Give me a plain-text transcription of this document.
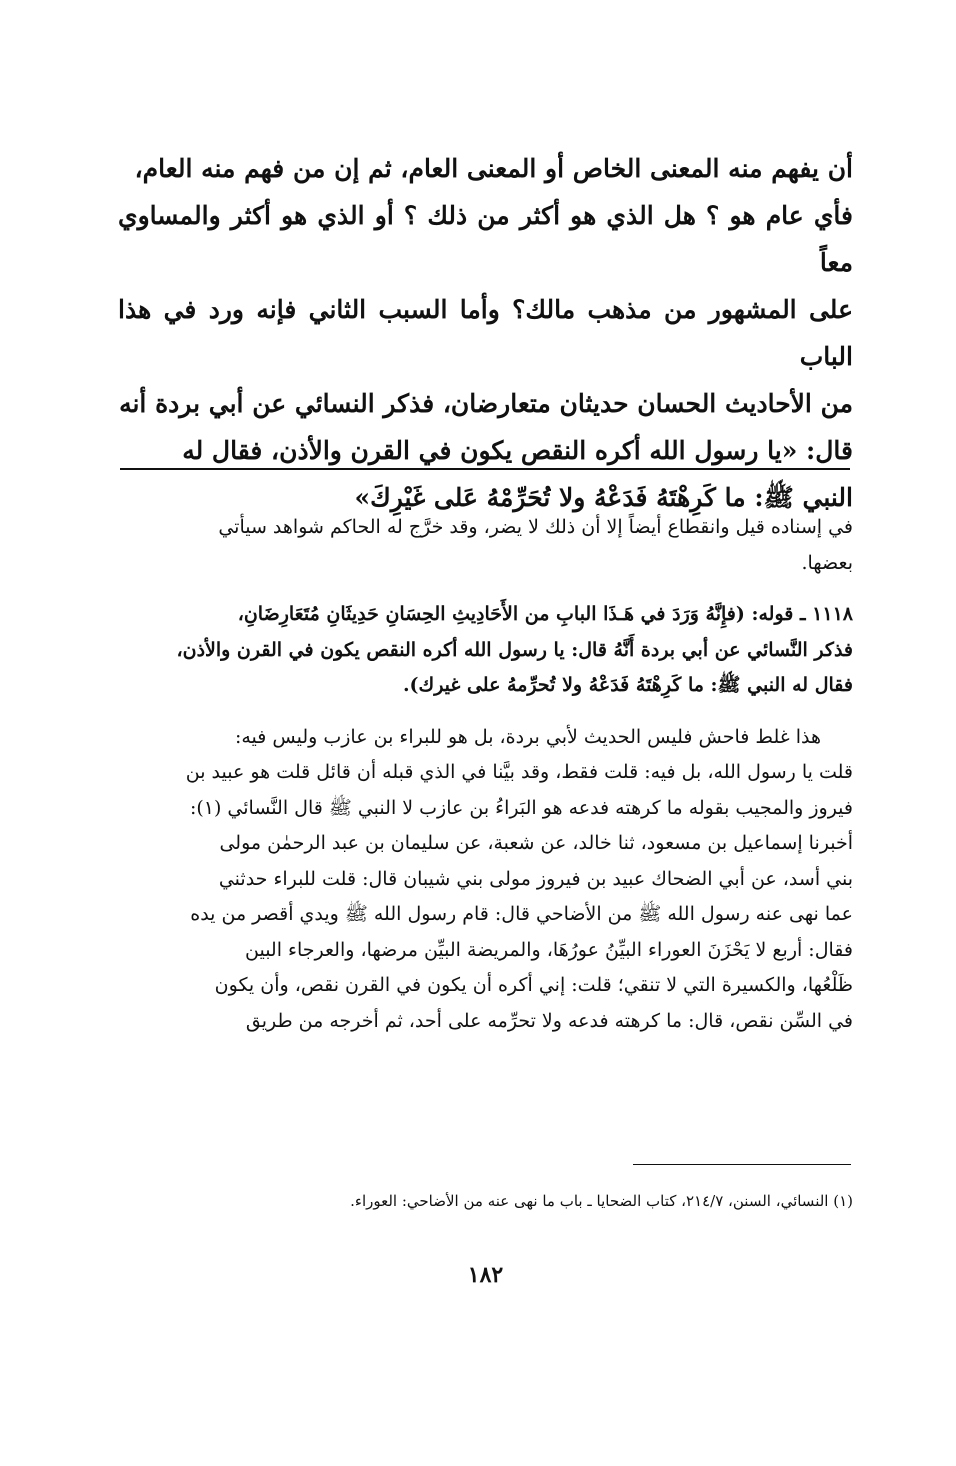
أن يفهم منه المعنى الخاص أو المعنى العام، ثم إن من فهم منه العام،

فأي عام هو ؟ هل الذي هو أكثر من ذلك ؟ أو الذي هو أكثر والمساوي معاً

على المشهور من مذهب مالك؟ وأما السبب الثاني فإنه ورد في هذا الباب

من الأحاديث الحسان حديثان متعارضان، فذكر النسائي عن أبي بردة أنه

قال: «يا رسول الله أكره النقص يكون في القرن والأذن، فقال له

النبي ﷺ: ما كَرِهْتَهُ فَدَعْهُ ولا تُحَرِّمْهُ عَلى غَيْرِكَ»

في إسناده قيل وانقطاع أيضاً إلا أن ذلك لا يضر، وقد خرَّج له الحاكم شواهد سيأتي

بعضها.

١١١٨ ـ قوله: (فإِنَّهُ وَرَدَ في هَـذَا البابِ من الأَحَادِيثِ الحِسَانِ حَدِيثَانِ مُتَعَارِضَانِ،

فذكر النَّسائي عن أبي بردة أَنَّهُ قال: يا رسول الله أكره النقص يكون في القرن والأذن،

فقال له النبي ﷺ: ما كَرِهْتَهُ فَدَعْهُ ولا تُحرِّمهُ على غيرك).

هذا غلط فاحش فليس الحديث لأبي بردة، بل هو للبراء بن عازب وليس فيه:

قلت يا رسول الله، بل فيه: قلت فقط، وقد بيَّنا في الذي قبله أن قائل قلت هو عبيد بن

فيروز والمجيب بقوله ما كرهته فدعه هو البَراءُ بن عازب لا النبي ﷺ قال النَّسائي (١):

أخبرنا إسماعيل بن مسعود، ثنا خالد، عن شعبة، عن سليمان بن عبد الرحمٰن مولى

بني أسد، عن أبي الضحاك عبيد بن فيروز مولى بني شيبان قال: قلت للبراء حدثني

عما نهى عنه رسول الله ﷺ من الأضاحي قال: قام رسول الله ﷺ ويدي أقصر من يده

فقال: أربع لا يَحْزَنَ العوراء البيِّنُ عورُهَا، والمريضة البيِّن مرضها، والعرجاء البين

ظَلْعُها، والكسيرة التي لا تنقي؛ قلت: إني أكره أن يكون في القرن نقص، وأن يكون

في السِّن نقص، قال: ما كرهته فدعه ولا تحرِّمه على أحد، ثم أخرجه من طريق

(١) النسائي، السنن، ٢١٤/٧، كتاب الضحايا ـ باب ما نهى عنه من الأضاحي: العوراء.
١٨٢
